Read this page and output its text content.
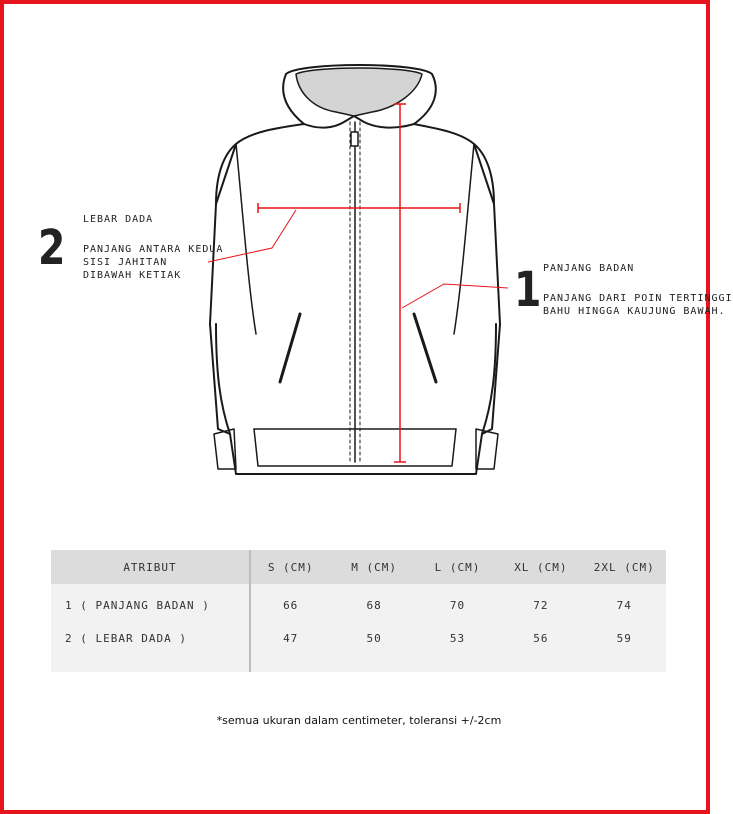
2
LEBAR DADA
PANJANG ANTARA KEDUA
SISI JAHITAN
DIBAWAH KETIAK	1 PANJANG BADAN
PANJANG DARI POIN TERTINGGI
BAHU HINGGA KAUJUNG BAWAH.
ATRIBUT	S (CM)	M (CM)	L (CM)	XL (CM)	2XL (CM)
1 ( PANJANG BADAN )	66	68	70	72	74
2 ( LEBAR DADA )	47	50	53	56	59
*semua ukuran dalam centimeter, toleransi +/-2cm
